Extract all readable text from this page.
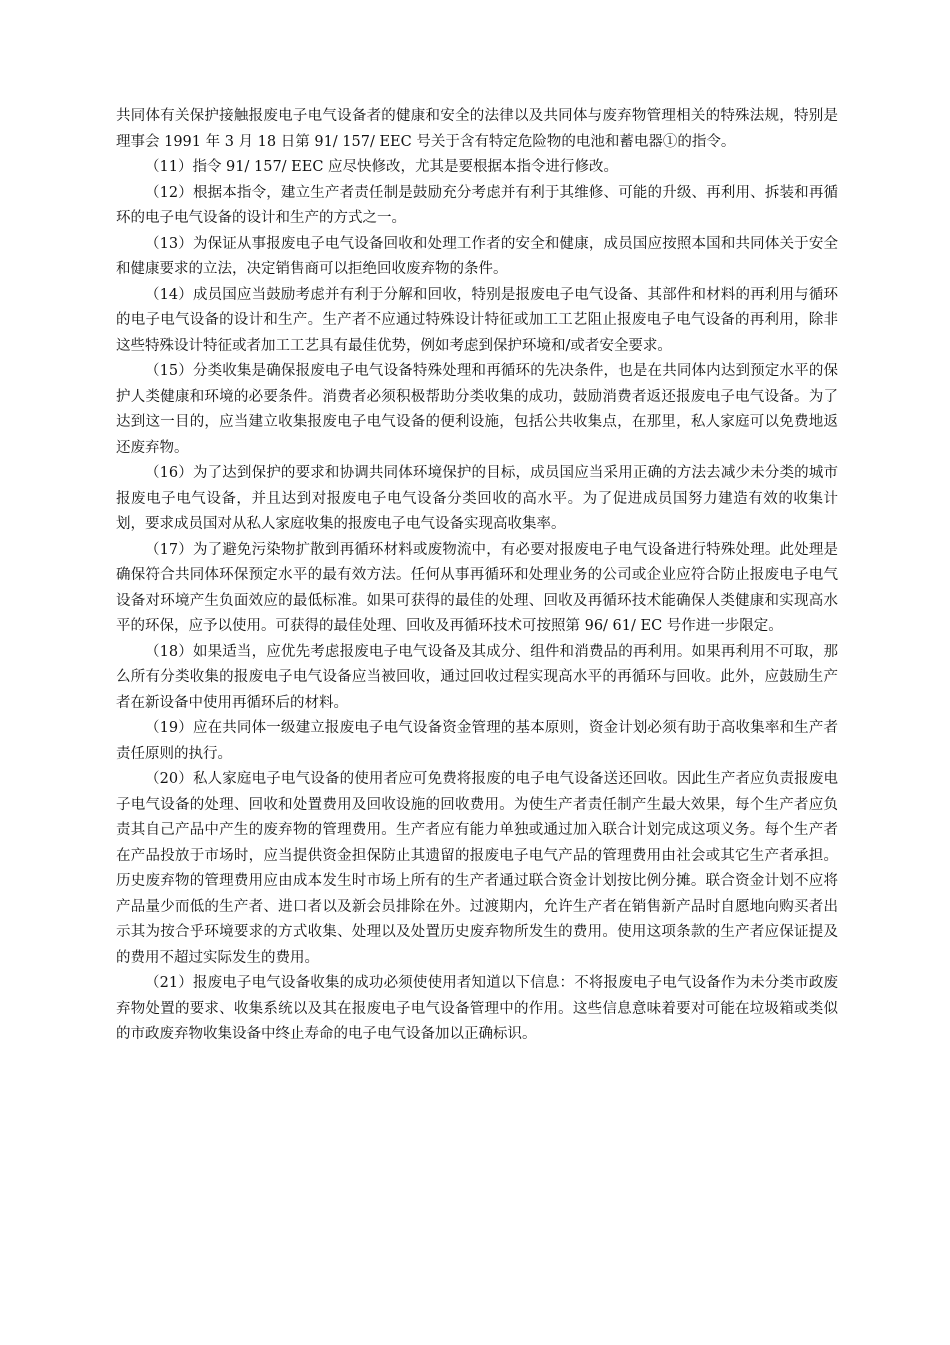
共同体有关保护接触报废电子电气设备者的健康和安全的法律以及共同体与废弃物管理相关的特殊法规，特别是理事会 1991 年 3 月 18 日第 91/ 157/ EEC 号关于含有特定危险物的电池和蓄电器①的指令。

（11）指令 91/ 157/ EEC 应尽快修改，尤其是要根据本指令进行修改。

（12）根据本指令，建立生产者责任制是鼓励充分考虑并有利于其维修、可能的升级、再利用、拆装和再循环的电子电气设备的设计和生产的方式之一。

（13）为保证从事报废电子电气设备回收和处理工作者的安全和健康，成员国应按照本国和共同体关于安全和健康要求的立法，决定销售商可以拒绝回收废弃物的条件。

（14）成员国应当鼓励考虑并有利于分解和回收，特别是报废电子电气设备、其部件和材料的再利用与循环的电子电气设备的设计和生产。生产者不应通过特殊设计特征或加工工艺阻止报废电子电气设备的再利用，除非这些特殊设计特征或者加工工艺具有最佳优势，例如考虑到保护环境和/或者安全要求。

（15）分类收集是确保报废电子电气设备特殊处理和再循环的先决条件，也是在共同体内达到预定水平的保护人类健康和环境的必要条件。消费者必须积极帮助分类收集的成功，鼓励消费者返还报废电子电气设备。为了达到这一目的，应当建立收集报废电子电气设备的便利设施，包括公共收集点，在那里，私人家庭可以免费地返还废弃物。

（16）为了达到保护的要求和协调共同体环境保护的目标，成员国应当采用正确的方法去减少未分类的城市报废电子电气设备，并且达到对报废电子电气设备分类回收的高水平。为了促进成员国努力建造有效的收集计划，要求成员国对从私人家庭收集的报废电子电气设备实现高收集率。

（17）为了避免污染物扩散到再循环材料或废物流中，有必要对报废电子电气设备进行特殊处理。此处理是确保符合共同体环保预定水平的最有效方法。任何从事再循环和处理业务的公司或企业应符合防止报废电子电气设备对环境产生负面效应的最低标准。如果可获得的最佳的处理、回收及再循环技术能确保人类健康和实现高水平的环保，应予以使用。可获得的最佳处理、回收及再循环技术可按照第 96/ 61/ EC 号作进一步限定。

（18）如果适当，应优先考虑报废电子电气设备及其成分、组件和消费品的再利用。如果再利用不可取，那么所有分类收集的报废电子电气设备应当被回收，通过回收过程实现高水平的再循环与回收。此外，应鼓励生产者在新设备中使用再循环后的材料。

（19）应在共同体一级建立报废电子电气设备资金管理的基本原则，资金计划必须有助于高收集率和生产者责任原则的执行。

（20）私人家庭电子电气设备的使用者应可免费将报废的电子电气设备送还回收。因此生产者应负责报废电子电气设备的处理、回收和处置费用及回收设施的回收费用。为使生产者责任制产生最大效果，每个生产者应负责其自己产品中产生的废弃物的管理费用。生产者应有能力单独或通过加入联合计划完成这项义务。每个生产者在产品投放于市场时，应当提供资金担保防止其遗留的报废电子电气产品的管理费用由社会或其它生产者承担。历史废弃物的管理费用应由成本发生时市场上所有的生产者通过联合资金计划按比例分摊。联合资金计划不应将产品量少而低的生产者、进口者以及新会员排除在外。过渡期内，允许生产者在销售新产品时自愿地向购买者出示其为按合乎环境要求的方式收集、处理以及处置历史废弃物所发生的费用。使用这项条款的生产者应保证提及的费用不超过实际发生的费用。

（21）报废电子电气设备收集的成功必须使使用者知道以下信息：不将报废电子电气设备作为未分类市政废弃物处置的要求、收集系统以及其在报废电子电气设备管理中的作用。这些信息意味着要对可能在垃圾箱或类似的市政废弃物收集设备中终止寿命的电子电气设备加以正确标识。
